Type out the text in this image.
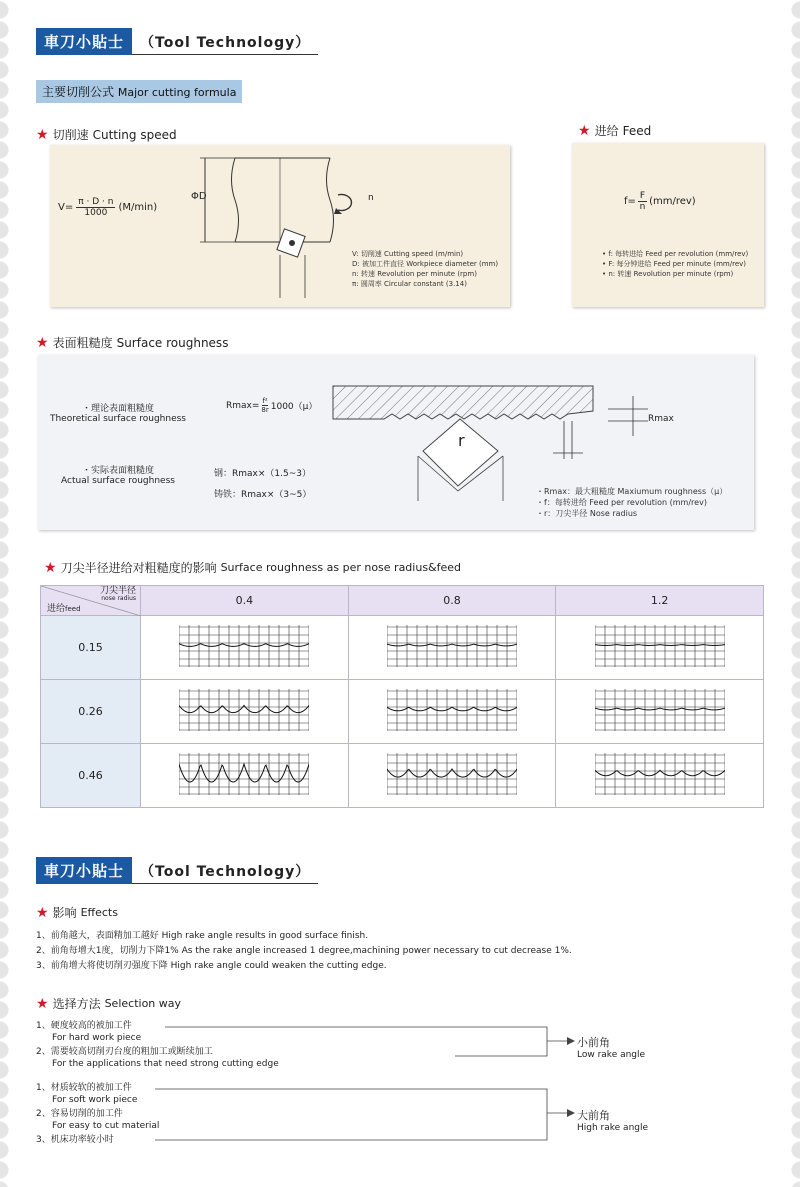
車刀小貼士	（Tool Technology）
主要切削公式 Major cutting formula
★ 切削速 Cutting speed
$V= \frac{\pi \cdot D \cdot n}{1000} (M/\min)$
ΦD	n
V: 切削速 Cutting speed (m/min)
D: 被加工件直径 Workpiece diameter (mm)
n: 转速 Revolution per minute (rpm)
π: 圆周率 Circular constant (3.14)
★ 进给 Feed
$f= \frac{F}{n} (mm/rev)$
• f: 每转进给 Feed per revolution (mm/rev)
• F: 每分钟进给 Feed per minute (mm/rev)
• n: 转速 Revolution per minute (rpm)
★ 表面粗糙度 Surface roughness
・理论表面粗糙度
Theoretical surface roughness
$Rmax= \frac{\text{f²}}{8r} 1000(\mu)$
・实际表面粗糙度
Actual surface roughness
钢：Rmax×（1.5~3）
铸铁：Rmax×（3~5）
r
Rmax
・Rmax：最大粗糙度 Maxiumum roughness（μ）
・f：每转进给 Feed per revolution (mm/rev)
・r：刀尖半径 Nose radius
★ 刀尖半径进给对粗糙度的影响 Surface roughness as per nose radius&feed
刀尖半径
nose radius
进给feed	0.4	0.8	1.2
0.15			
0.26			
0.46			
車刀小貼士	（Tool Technology）
★ 影响 Effects
1、前角越大，表面精加工越好 High rake angle results in good surface finish.
2、前角每增大1度，切削力下降1% As the rake angle increased 1 degree,machining power necessary to cut decrease 1%.
3、前角增大将使切削刃强度下降 High rake angle could weaken the cutting edge.
★ 选择方法 Selection way
1、硬度较高的被加工件
For hard work piece
2、需要较高切削刃台度的粗加工或断续加工
For the applications that need strong cutting edge
小前角
Low rake angle
1、材质较软的被加工件
For soft work piece
2、容易切削的加工件
For easy to cut material
3、机床功率较小时
大前角
High rake angle
